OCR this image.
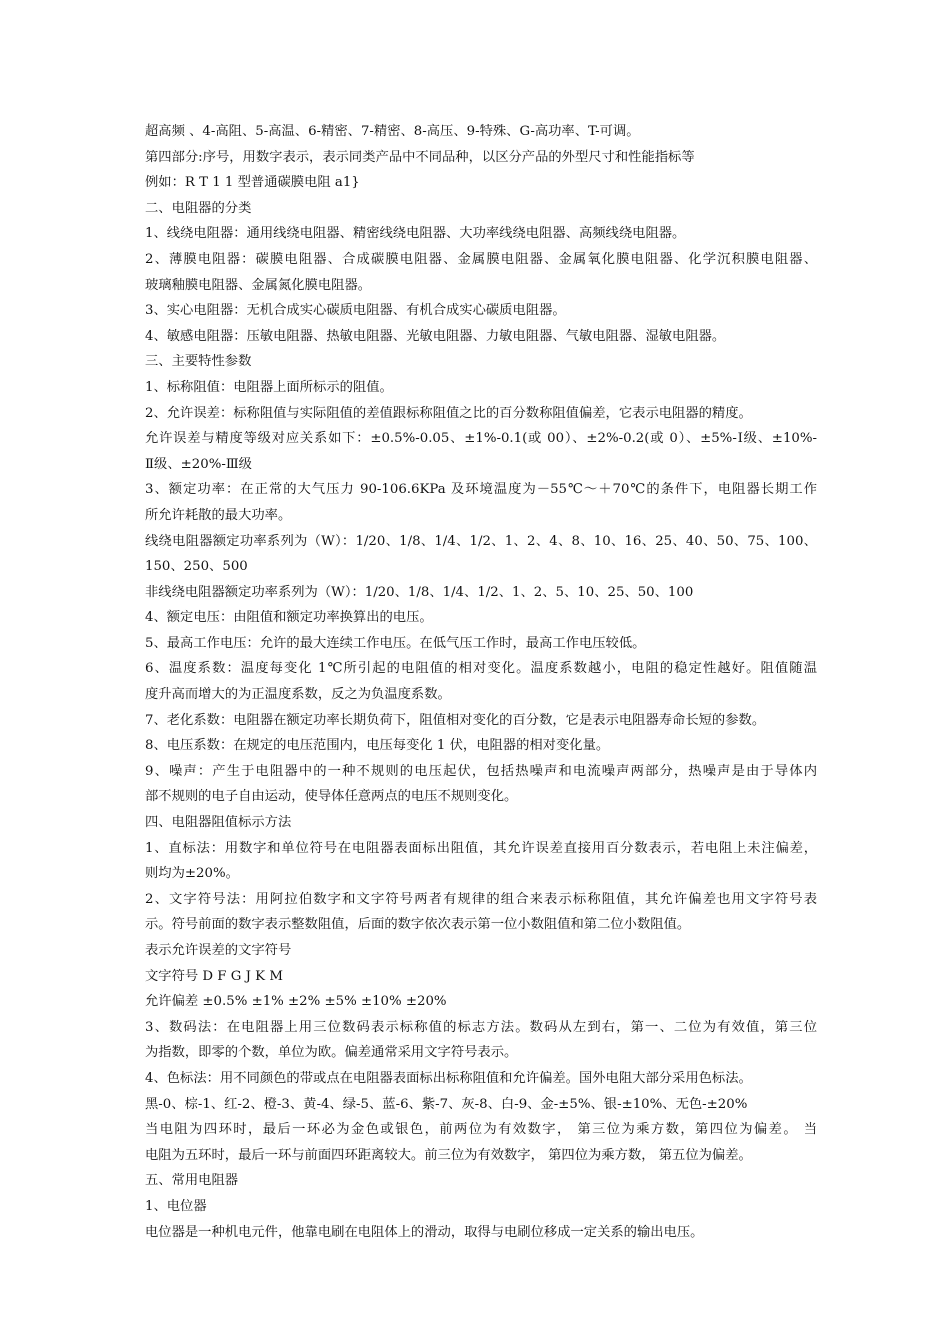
超高频 、4-高阻、5-高温、6-精密、7-精密、8-高压、9-特殊、G-高功率、T-可调。
第四部分:序号，用数字表示，表示同类产品中不同品种，以区分产品的外型尺寸和性能指标等
例如：R T 1 1 型普通碳膜电阻 a1}
二、电阻器的分类
1、线绕电阻器：通用线绕电阻器、精密线绕电阻器、大功率线绕电阻器、高频线绕电阻器。
2、薄膜电阻器：碳膜电阻器、合成碳膜电阻器、金属膜电阻器、金属氧化膜电阻器、化学沉积膜电阻器、
玻璃釉膜电阻器、金属氮化膜电阻器。
3、实心电阻器：无机合成实心碳质电阻器、有机合成实心碳质电阻器。
4、敏感电阻器：压敏电阻器、热敏电阻器、光敏电阻器、力敏电阻器、气敏电阻器、湿敏电阻器。
三、主要特性参数
1、标称阻值：电阻器上面所标示的阻值。
2、允许误差：标称阻值与实际阻值的差值跟标称阻值之比的百分数称阻值偏差，它表示电阻器的精度。
允许误差与精度等级对应关系如下：±0.5%-0.05、±1%-0.1(或 00）、±2%-0.2(或 0）、±5%-Ⅰ级、±10%-
Ⅱ级、±20%-Ⅲ级
3、额定功率：在正常的大气压力 90-106.6KPa 及环境温度为－55℃～＋70℃的条件下，电阻器长期工作
所允许耗散的最大功率。
线绕电阻器额定功率系列为（W）：1/20、1/8、1/4、1/2、1、2、4、8、10、16、25、40、50、75、100、
150、250、500
非线绕电阻器额定功率系列为（W）：1/20、1/8、1/4、1/2、1、2、5、10、25、50、100
4、额定电压：由阻值和额定功率换算出的电压。
5、最高工作电压：允许的最大连续工作电压。在低气压工作时，最高工作电压较低。
6、温度系数：温度每变化 1℃所引起的电阻值的相对变化。温度系数越小，电阻的稳定性越好。阻值随温
度升高而增大的为正温度系数，反之为负温度系数。
7、老化系数：电阻器在额定功率长期负荷下，阻值相对变化的百分数，它是表示电阻器寿命长短的参数。
8、电压系数：在规定的电压范围内，电压每变化 1 伏，电阻器的相对变化量。
9、噪声：产生于电阻器中的一种不规则的电压起伏，包括热噪声和电流噪声两部分，热噪声是由于导体内
部不规则的电子自由运动，使导体任意两点的电压不规则变化。
四、电阻器阻值标示方法
1、直标法：用数字和单位符号在电阻器表面标出阻值，其允许误差直接用百分数表示，若电阻上未注偏差，
则均为±20%。
2、文字符号法：用阿拉伯数字和文字符号两者有规律的组合来表示标称阻值，其允许偏差也用文字符号表
示。符号前面的数字表示整数阻值，后面的数字依次表示第一位小数阻值和第二位小数阻值。
表示允许误差的文字符号
文字符号 D F G J K M
允许偏差 ±0.5% ±1% ±2% ±5% ±10% ±20%
3、数码法：在电阻器上用三位数码表示标称值的标志方法。数码从左到右，第一、二位为有效值，第三位
为指数，即零的个数，单位为欧。偏差通常采用文字符号表示。
4、色标法：用不同颜色的带或点在电阻器表面标出标称阻值和允许偏差。国外电阻大部分采用色标法。
黑-0、棕-1、红-2、橙-3、黄-4、绿-5、蓝-6、紫-7、灰-8、白-9、金-±5%、银-±10%、无色-±20%
当电阻为四环时，最后一环必为金色或银色，前两位为有效数字， 第三位为乘方数，第四位为偏差。 当
电阻为五环时，最后一环与前面四环距离较大。前三位为有效数字， 第四位为乘方数， 第五位为偏差。
五、常用电阻器
1、电位器
电位器是一种机电元件，他靠电刷在电阻体上的滑动，取得与电刷位移成一定关系的输出电压。
